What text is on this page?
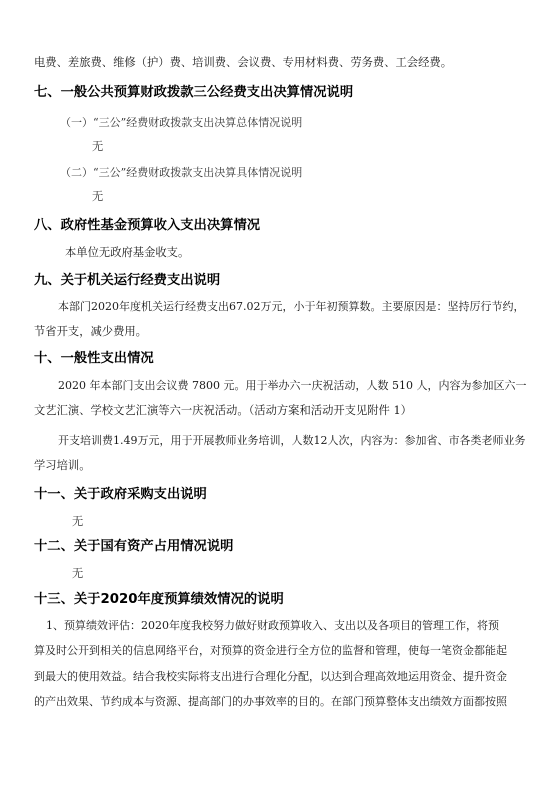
电费、差旅费、维修（护）费、培训费、会议费、专用材料费、劳务费、工会经费。
七、一般公共预算财政拨款三公经费支出决算情况说明
（一）“三公”经费财政拨款支出决算总体情况说明
无
（二）“三公”经费财政拨款支出决算具体情况说明
无
八、政府性基金预算收入支出决算情况
本单位无政府基金收支。
九、关于机关运行经费支出说明
本部门2020年度机关运行经费支出67.02万元，小于年初预算数。主要原因是：坚持厉行节约，
节省开支，减少费用。
十、一般性支出情况
2020 年本部门支出会议费 7800 元。用于举办六一庆祝活动，人数 510 人，内容为参加区六一
文艺汇演、学校文艺汇演等六一庆祝活动。（活动方案和活动开支见附件 1）
开支培训费1.49万元，用于开展教师业务培训，人数12人次，内容为：参加省、市各类老师业务
学习培训。
十一、关于政府采购支出说明
无
十二、关于国有资产占用情况说明
无
十三、关于2020年度预算绩效情况的说明
1、预算绩效评估：2020年度我校努力做好财政预算收入、支出以及各项目的管理工作，将预
算及时公开到相关的信息网络平台，对预算的资金进行全方位的监督和管理，使每一笔资金都能起
到最大的使用效益。结合我校实际将支出进行合理化分配，以达到合理高效地运用资金、提升资金
的产出效果、节约成本与资源、提高部门的办事效率的目的。在部门预算整体支出绩效方面都按照
